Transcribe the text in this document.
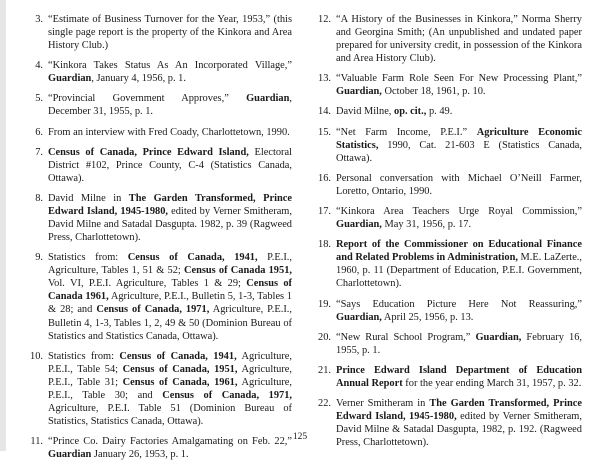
3. “Estimate of Business Turnover for the Year, 1953,” (this single page report is the property of the Kinkora and Area History Club.)
4. “Kinkora Takes Status As An Incorporated Village,” Guardian, January 4, 1956, p. 1.
5. “Provincial Government Approves,” Guardian, December 31, 1955, p. 1.
6. From an interview with Fred Coady, Charlottetown, 1990.
7. Census of Canada, Prince Edward Island, Electoral District #102, Prince County, C-4 (Statistics Canada, Ottawa).
8. David Milne in The Garden Transformed, Prince Edward Island, 1945-1980, edited by Verner Smitheram, David Milne and Satadal Dasgupta. 1982, p. 39 (Ragweed Press, Charlottetown).
9. Statistics from: Census of Canada, 1941, P.E.I., Agriculture, Tables 1, 51 & 52; Census of Canada 1951, Vol. VI, P.E.I. Agriculture, Tables 1 & 29; Census of Canada 1961, Agriculture, P.E.I., Bulletin 5, 1-3, Tables 1 & 28; and Census of Canada, 1971, Agriculture, P.E.I., Bulletin 4, 1-3, Tables 1, 2, 49 & 50 (Dominion Bureau of Statistics and Statistics Canada, Ottawa).
10. Statistics from: Census of Canada, 1941, Agriculture, P.E.I., Table 54; Census of Canada, 1951, Agriculture, P.E.I., Table 31; Census of Canada, 1961, Agriculture, P.E.I., Table 30; and Census of Canada, 1971, Agriculture, P.E.I. Table 51 (Dominion Bureau of Statistics, Statistics Canada, Ottawa).
11. “Prince Co. Dairy Factories Amalgamating on Feb. 22,” Guardian January 26, 1953, p. 1.
12. “A History of the Businesses in Kinkora,” Norma Sherry and Georgina Smith; (An unpublished and undated paper prepared for university credit, in possession of the Kinkora and Area History Club).
13. “Valuable Farm Role Seen For New Processing Plant,” Guardian, October 18, 1961, p. 10.
14. David Milne, op. cit., p. 49.
15. “Net Farm Income, P.E.I.” Agriculture Economic Statistics, 1990, Cat. 21-603 E (Statistics Canada, Ottawa).
16. Personal conversation with Michael O’Neill Farmer, Loretto, Ontario, 1990.
17. “Kinkora Area Teachers Urge Royal Commission,” Guardian, May 31, 1956, p. 17.
18. Report of the Commissioner on Educational Finance and Related Problems in Administration, M.E. LaZerte., 1960, p. 11 (Department of Education, P.E.I. Government, Charlottetown).
19. “Says Education Picture Here Not Reassuring,” Guardian, April 25, 1956, p. 13.
20. “New Rural School Program,” Guardian, February 16, 1955, p. 1.
21. Prince Edward Island Department of Education Annual Report for the year ending March 31, 1957, p. 32.
22. Verner Smitheram in The Garden Transformed, Prince Edward Island, 1945-1980, edited by Verner Smitheram, David Milne & Satadal Dasgupta, 1982, p. 192. (Ragweed Press, Charlottetown).
125
